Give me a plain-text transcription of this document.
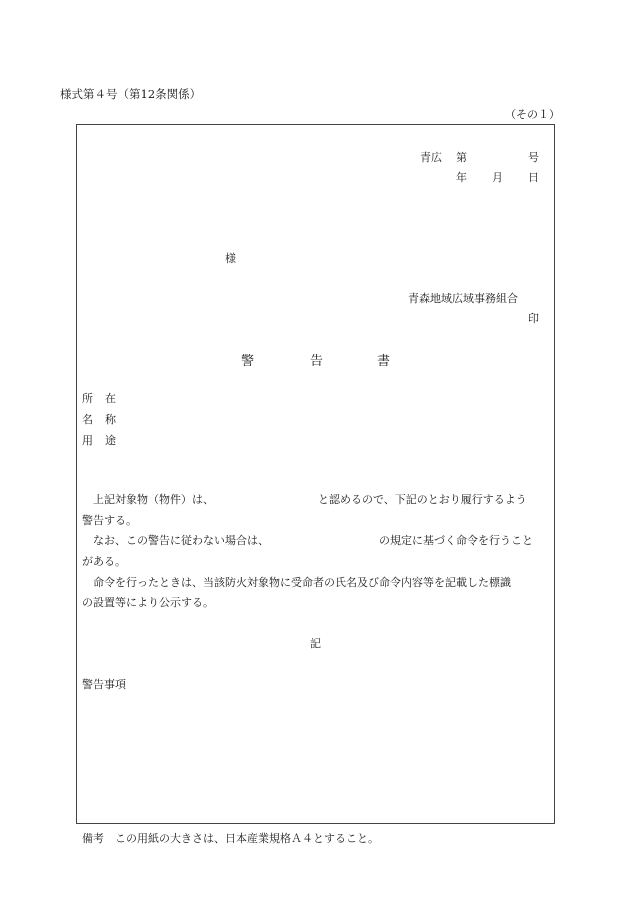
様式第４号（第12条関係）
（その１）
青広 第	号
年 月 日
様
青森地域広域事務組合
印
警	告	書
所 在
名 称
用 途
上記対象物（物件）は、	と認めるので、下記のとおり履行するよう
警告する。
なお、この警告に従わない場合は、	の規定に基づく命令を行うこと
がある。
命令を行ったときは、当該防火対象物に受命者の氏名及び命令内容等を記載した標識
の設置等により公示する。
記
警告事項
備考　この用紙の大きさは、日本産業規格Ａ４とすること。
